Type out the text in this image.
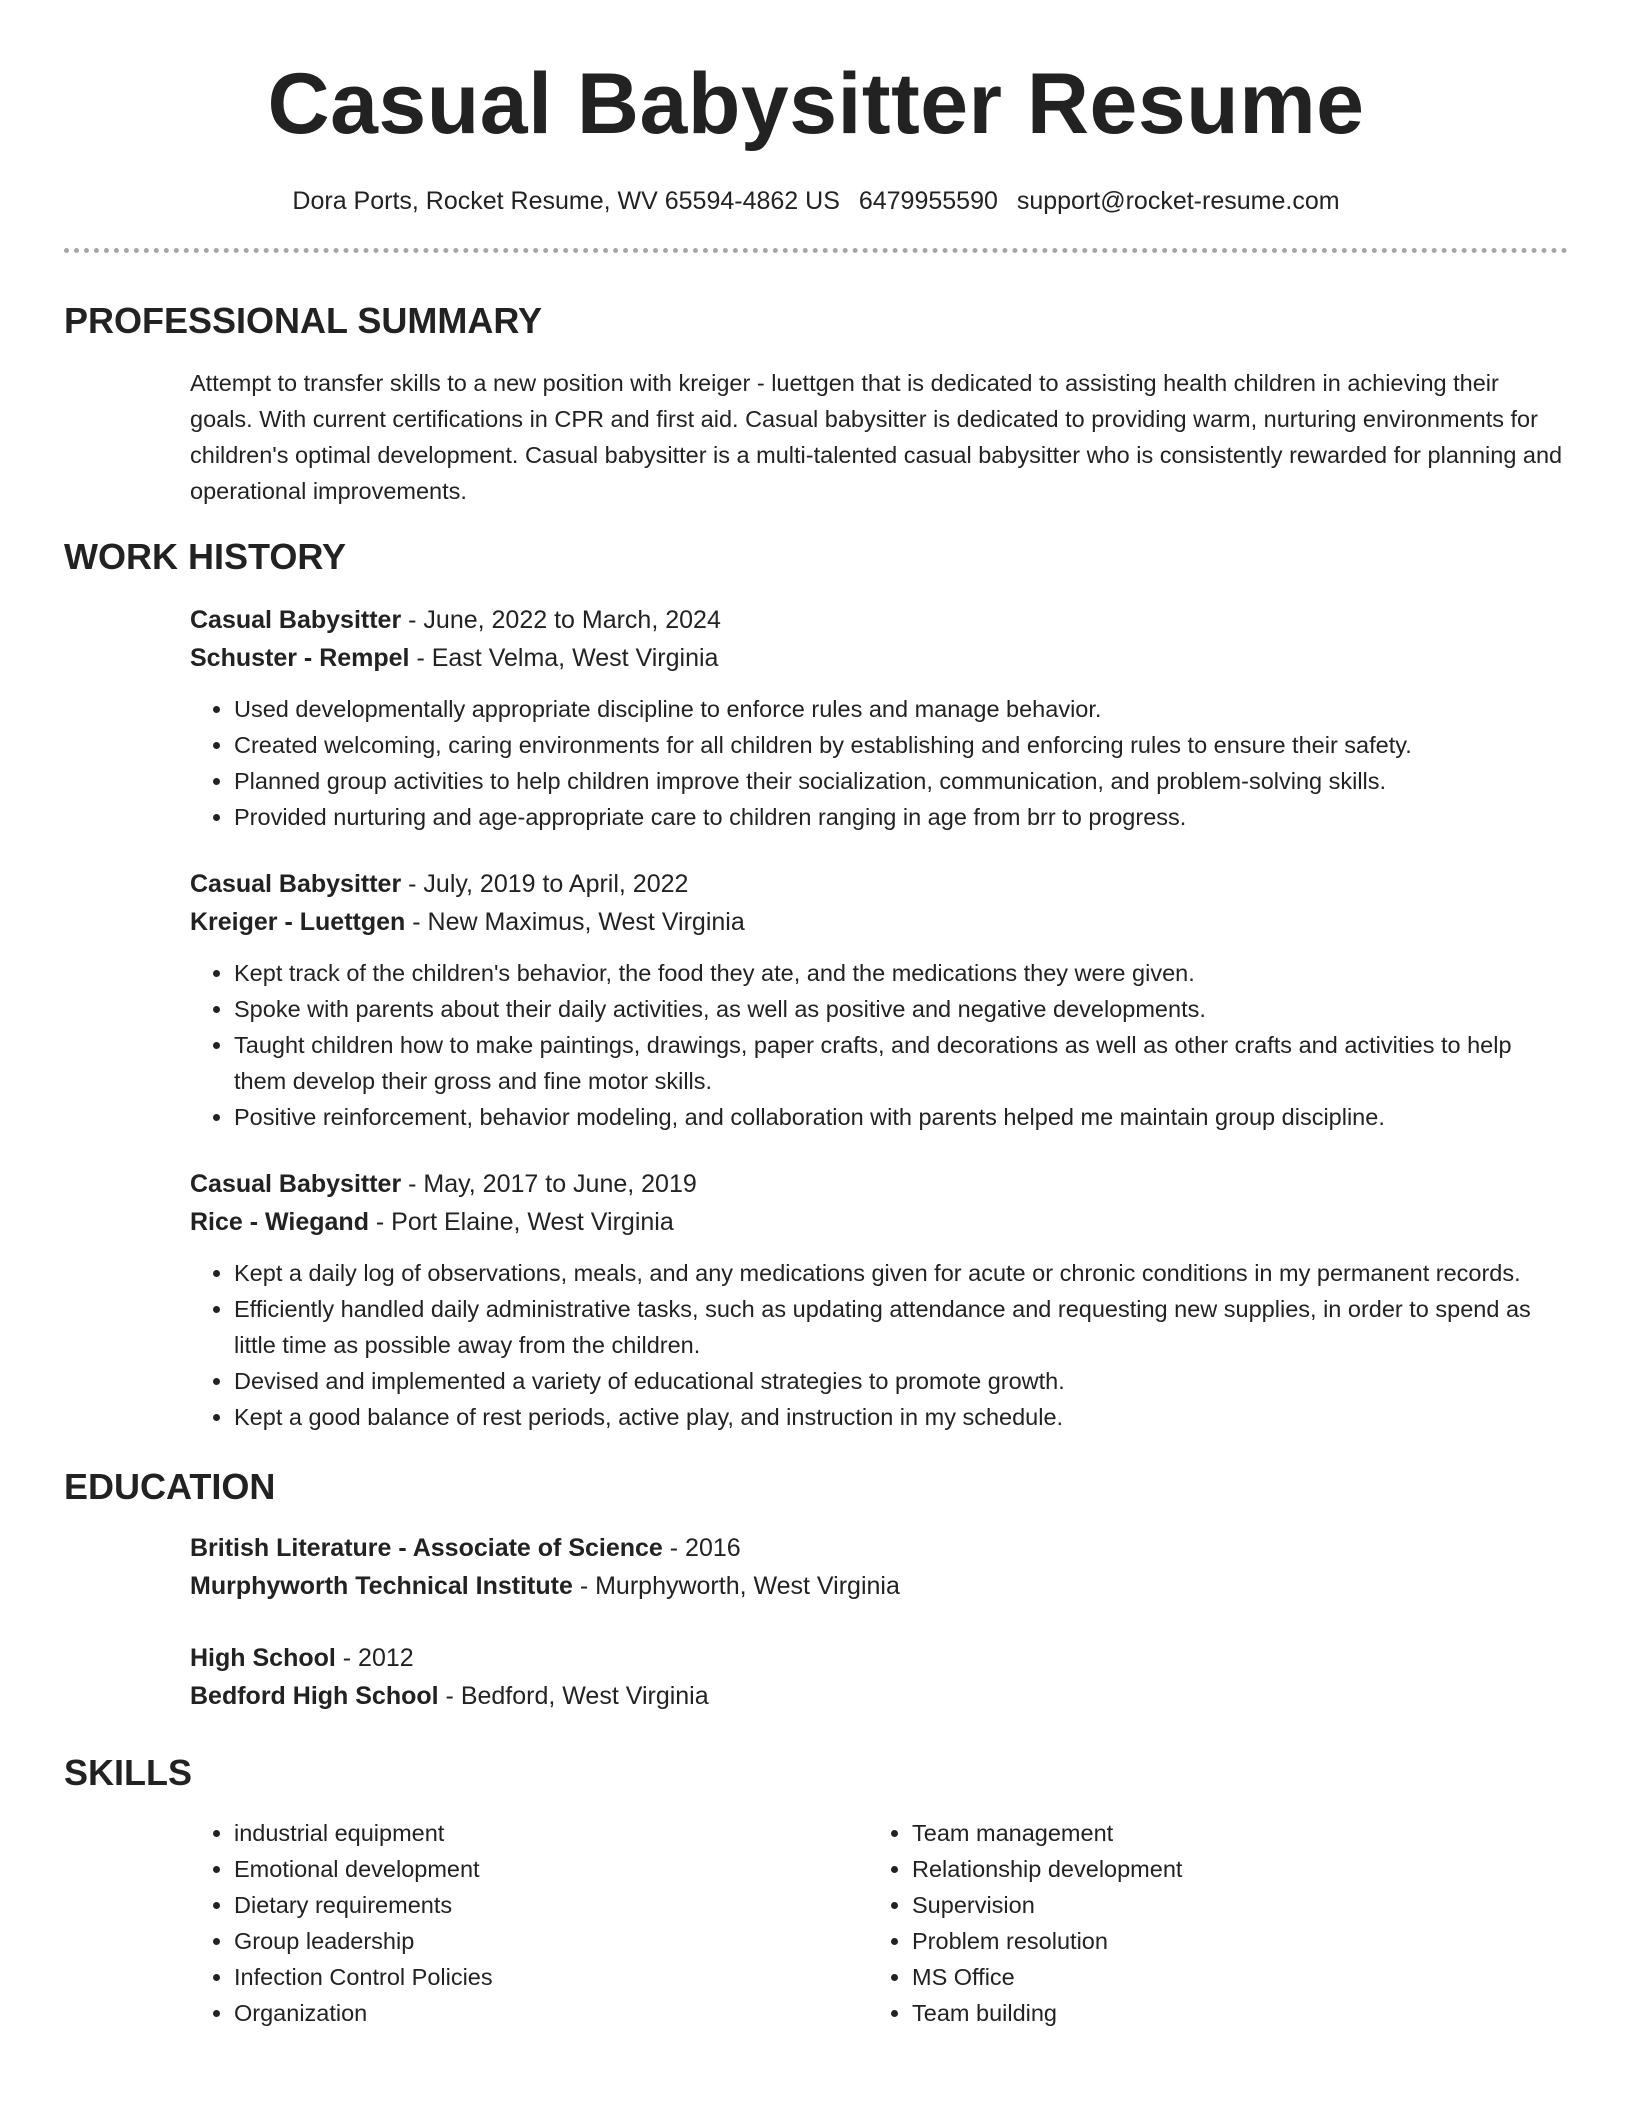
Casual Babysitter Resume
Dora Ports, Rocket Resume, WV 65594-4862 US 6479955590 support@rocket-resume.com
PROFESSIONAL SUMMARY

Attempt to transfer skills to a new position with kreiger - luettgen that is dedicated to assisting health children in achieving their goals. With current certifications in CPR and first aid. Casual babysitter is dedicated to providing warm, nurturing environments for children's optimal development. Casual babysitter is a multi-talented casual babysitter who is consistently rewarded for planning and operational improvements.

WORK HISTORY
Casual Babysitter - June, 2022 to March, 2024
Schuster - Rempel - East Velma, West Virginia
• Used developmentally appropriate discipline to enforce rules and manage behavior.
• Created welcoming, caring environments for all children by establishing and enforcing rules to ensure their safety.
• Planned group activities to help children improve their socialization, communication, and problem-solving skills.
• Provided nurturing and age-appropriate care to children ranging in age from brr to progress.
Casual Babysitter - July, 2019 to April, 2022
Kreiger - Luettgen - New Maximus, West Virginia
• Kept track of the children's behavior, the food they ate, and the medications they were given.
• Spoke with parents about their daily activities, as well as positive and negative developments.
• Taught children how to make paintings, drawings, paper crafts, and decorations as well as other crafts and activities to help them develop their gross and fine motor skills.
• Positive reinforcement, behavior modeling, and collaboration with parents helped me maintain group discipline.
Casual Babysitter - May, 2017 to June, 2019
Rice - Wiegand - Port Elaine, West Virginia
• Kept a daily log of observations, meals, and any medications given for acute or chronic conditions in my permanent records.
• Efficiently handled daily administrative tasks, such as updating attendance and requesting new supplies, in order to spend as little time as possible away from the children.
• Devised and implemented a variety of educational strategies to promote growth.
• Kept a good balance of rest periods, active play, and instruction in my schedule.
EDUCATION
British Literature - Associate of Science - 2016
Murphyworth Technical Institute - Murphyworth, West Virginia
High School - 2012
Bedford High School - Bedford, West Virginia
SKILLS
• industrial equipment
• Emotional development
• Dietary requirements
• Group leadership
• Infection Control Policies
• Organization
• Team management
• Relationship development
• Supervision
• Problem resolution
• MS Office
• Team building
